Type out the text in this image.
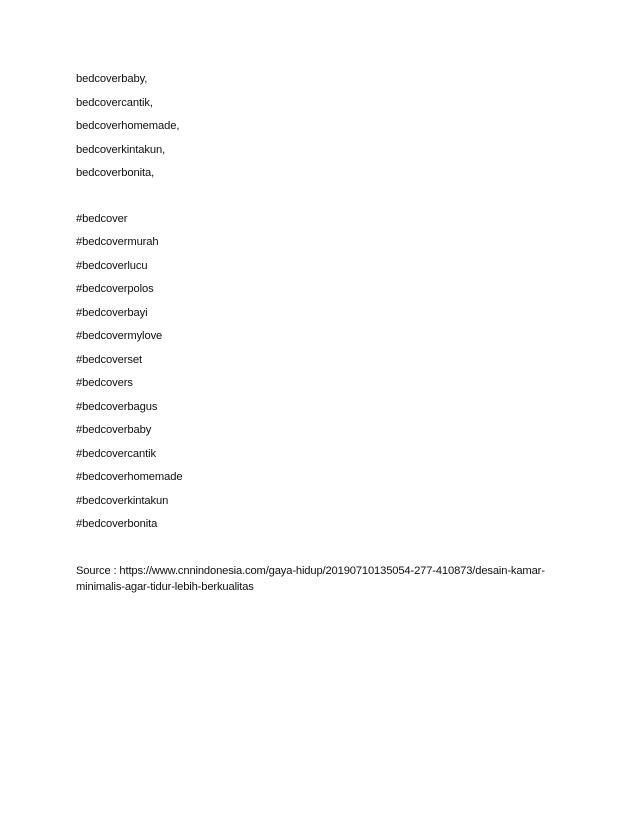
bedcoverbaby,
bedcovercantik,
bedcoverhomemade,
bedcoverkintakun,
bedcoverbonita,
#bedcover
#bedcovermurah
#bedcoverlucu
#bedcoverpolos
#bedcoverbayi
#bedcovermylove
#bedcoverset
#bedcovers
#bedcoverbagus
#bedcoverbaby
#bedcovercantik
#bedcoverhomemade
#bedcoverkintakun
#bedcoverbonita
Source : https://www.cnnindonesia.com/gaya-hidup/20190710135054-277-410873/desain-kamar-
minimalis-agar-tidur-lebih-berkualitas
